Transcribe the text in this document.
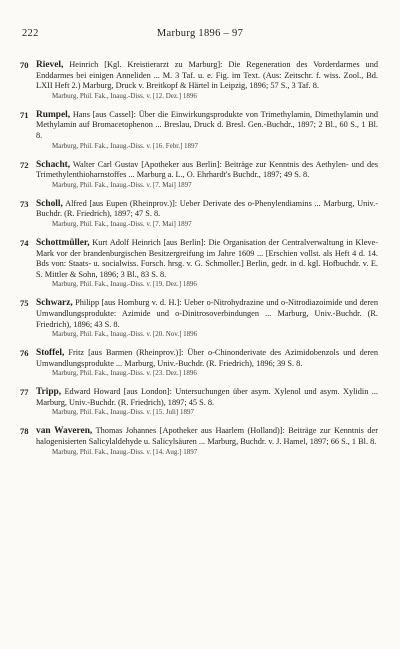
222	Marburg 1896 – 97
70 Rievel, Heinrich [Kgl. Kreistierarzt zu Marburg]: Die Regeneration des Vorderdarmes und Enddarmes bei einigen Anneliden ... M. 3 Taf. u. e. Fig. im Text. (Aus: Zeitschr. f. wiss. Zool., Bd. LXII Heft 2.) Marburg, Druck v. Breitkopf & Härtel in Leipzig, 1896; 57 S., 3 Taf. 8.
Marburg, Phil. Fak., Inaug.-Diss. v. [12. Dez.] 1896
71 Rumpel, Hans [aus Cassel]: Über die Einwirkungsprodukte von Trimethylamin, Dimethylamin und Methylamin auf Bromacetophenon ... Breslau, Druck d. Bresl. Gen.-Buchdr., 1897; 2 Bl., 60 S., 1 Bl. 8.
Marburg, Phil. Fak., Inaug.-Diss. v. [16. Febr.] 1897
72 Schacht, Walter Carl Gustav [Apotheker aus Berlin]: Beiträge zur Kenntnis des Aethylen- und des Trimethylenthioharnstoffes ... Marburg a. L., O. Ehrhardt's Buchdr., 1897; 49 S. 8.
Marburg, Phil. Fak., Inaug.-Diss. v. [7. Mai] 1897
73 Scholl, Alfred [aus Eupen (Rheinprov.)]: Ueber Derivate des o-Phenylendiamins ... Marburg, Univ.-Buchdr. (R. Friedrich), 1897; 47 S. 8.
Marburg, Phil. Fak., Inaug.-Diss. v. [7. Mai] 1897
74 Schottmüller, Kurt Adolf Heinrich [aus Berlin]: Die Organisation der Centralverwaltung in Kleve-Mark vor der brandenburgischen Besitzergreifung im Jahre 1609 ... [Erschien vollst. als Heft 4 d. 14. Bds von: Staats- u. socialwiss. Forsch. hrsg. v. G. Schmoller.] Berlin, gedr. in d. kgl. Hofbuchdr. v. E. S. Mittler & Sohn, 1896; 3 Bl., 83 S. 8.
Marburg, Phil. Fak., Inaug.-Diss. v. [19. Dez.] 1896
75 Schwarz, Philipp [aus Homburg v. d. H.]: Ueber o-Nitrohydrazine und o-Nitrodiazoimide und deren Umwandlungsprodukte: Azimide und o-Dinitrosoverbindungen ... Marburg, Univ.-Buchdr. (R. Friedrich), 1896; 43 S. 8.
Marburg, Phil. Fak., Inaug.-Diss. v. [20. Nov.] 1896
76 Stoffel, Fritz [aus Barmen (Rheinprov.)]: Über o-Chinonderivate des Azimidobenzols und deren Umwandlungsprodukte ... Marburg, Univ.-Buchdr. (R. Friedrich), 1896; 39 S. 8.
Marburg, Phil. Fak., Inaug.-Diss. v. [23. Dez.] 1896
77 Tripp, Edward Howard [aus London]: Untersuchungen über asym. Xylenol und asym. Xylidin ... Marburg, Univ.-Buchdr. (R. Friedrich), 1897; 45 S. 8.
Marburg, Phil. Fak., Inaug.-Diss. v. [15. Juli] 1897
78 van Waveren, Thomas Johannes [Apotheker aus Haarlem (Holland)]: Beiträge zur Kenntnis der halogenisierten Salicylaldehyde u. Salicylsäuren ... Marburg, Buchdr. v. J. Hamel, 1897; 66 S., 1 Bl. 8.
Marburg, Phil. Fak., Inaug.-Diss. v. [14. Aug.] 1897
